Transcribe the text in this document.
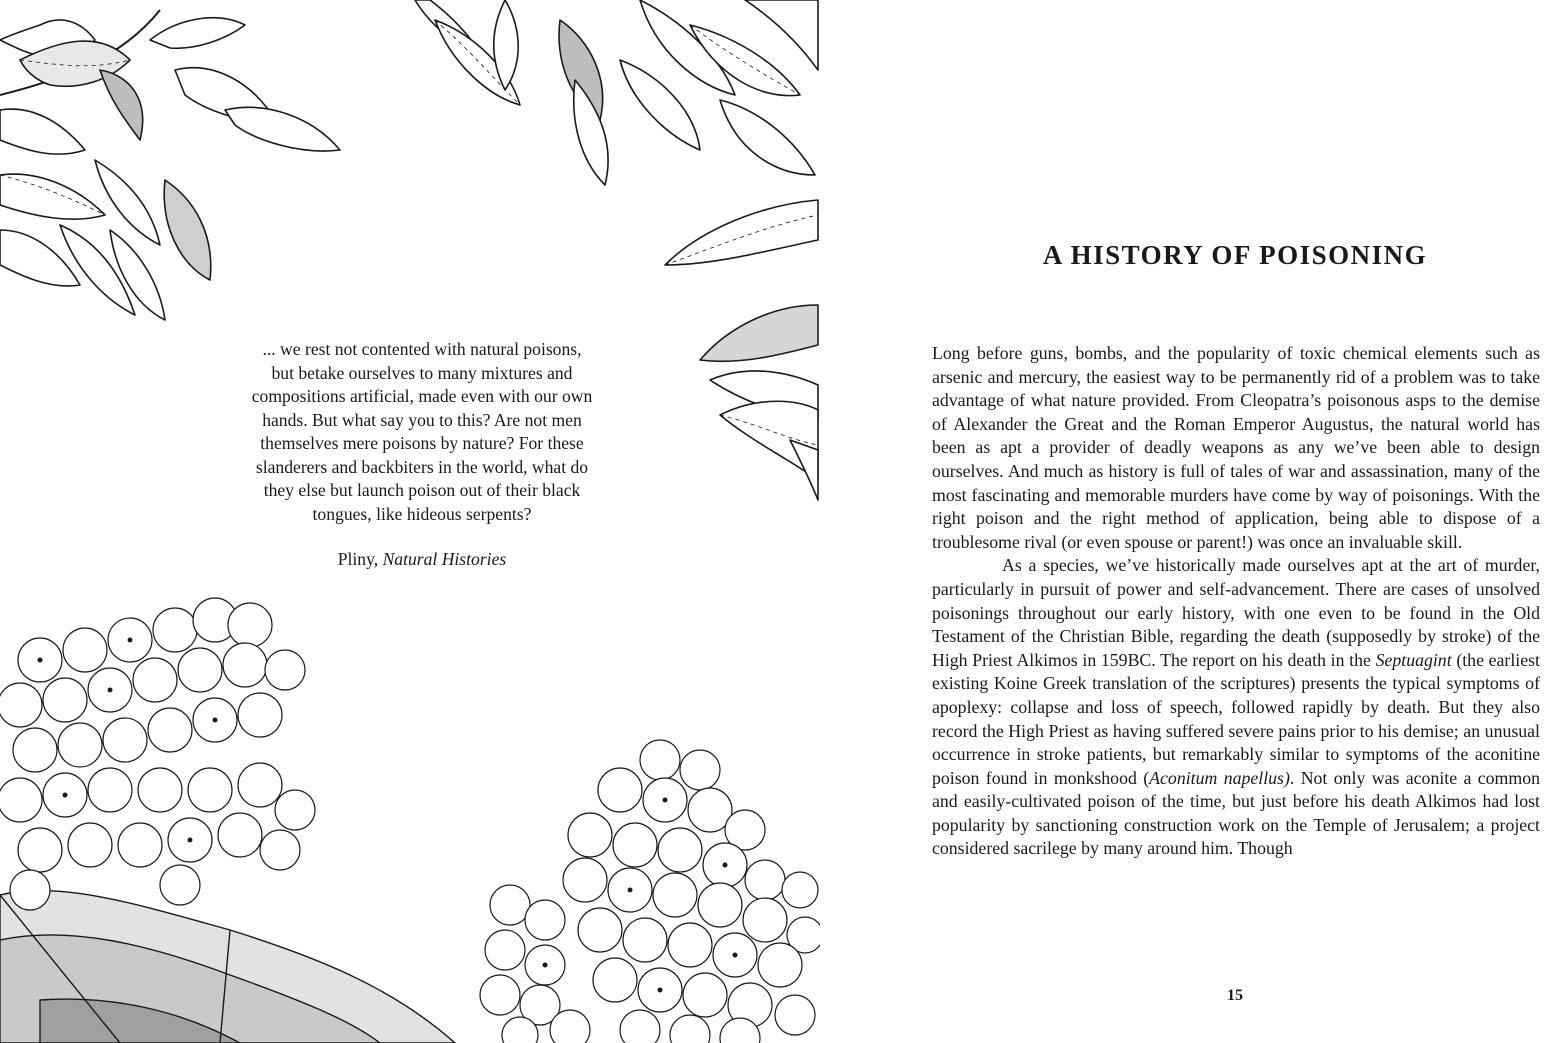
... we rest not contented with natural poisons,
but betake ourselves to many mixtures and
compositions artificial, made even with our own
hands. But what say you to this? Are not men
themselves mere poisons by nature? For these
slanderers and backbiters in the world, what do
they else but launch poison out of their black
tongues, like hideous serpents?

Pliny, Natural Histories

A HISTORY OF POISONING

Long before guns, bombs, and the popularity of toxic chemical elements such as arsenic and mercury, the easiest way to be permanently rid of a problem was to take advantage of what nature provided. From Cleopatra’s poisonous asps to the demise of Alexander the Great and the Roman Emperor Augustus, the natural world has been as apt a provider of deadly weapons as any we’ve been able to design ourselves. And much as history is full of tales of war and assassination, many of the most fascinating and memorable murders have come by way of poisonings. With the right poison and the right method of application, being able to dispose of a troublesome rival (or even spouse or parent!) was once an invaluable skill.

As a species, we’ve historically made ourselves apt at the art of murder, particularly in pursuit of power and self-advancement. There are cases of unsolved poisonings throughout our early history, with one even to be found in the Old Testament of the Christian Bible, regarding the death (supposedly by stroke) of the High Priest Alkimos in 159BC. The report on his death in the Septuagint (the earliest existing Koine Greek translation of the scriptures) presents the typical symptoms of apoplexy: collapse and loss of speech, followed rapidly by death. But they also record the High Priest as having suffered severe pains prior to his demise; an unusual occurrence in stroke patients, but remarkably similar to symptoms of the aconitine poison found in monkshood (Aconitum napellus). Not only was aconite a common and easily-cultivated poison of the time, but just before his death Alkimos had lost popularity by sanctioning construction work on the Temple of Jerusalem; a project considered sacrilege by many around him. Though

15
